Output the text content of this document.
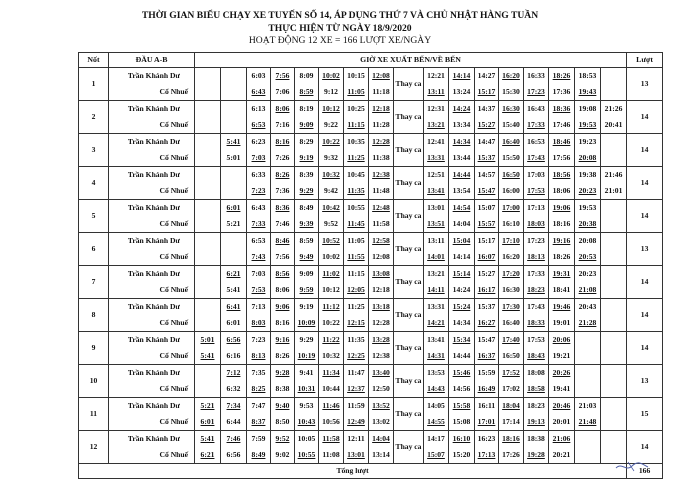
THỜI GIAN BIỂU CHẠY XE TUYẾN SỐ 14, ÁP DỤNG THỨ 7 VÀ CHỦ NHẬT HÀNG TUẦN
THỰC HIỆN TỪ NGÀY 18/9/2020
HOẠT ĐỘNG 12 XE = 166 LƯỢT XE/NGÀY
Nốt	ĐẦU A-B	GIỜ XE XUẤT BẾN/VỀ BẾN																	Lượt
1	Trần Khánh Dư			6:03	7:56	8:09	10:02	10:15	12:08	Thay ca	12:21	14:14	14:27	16:20	16:33	18:26	18:53		13
	Cổ Nhuế			6:43	7:06	8:59	9:12	11:05	11:18		13:11	13:24	15:17	15:30	17:23	17:36	19:43		
2	Trần Khánh Dư			6:13	8:06	8:19	10:12	10:25	12:18	Thay ca	12:31	14:24	14:37	16:30	16:43	18:36	19:08	21:26	14
	Cổ Nhuế			6:53	7:16	9:09	9:22	11:15	11:28		13:21	13:34	15:27	15:40	17:33	17:46	19:53	20:41	
3	Trần Khánh Dư		5:41	6:23	8:16	8:29	10:22	10:35	12:28	Thay ca	12:41	14:34	14:47	16:40	16:53	18:46	19:23		14
	Cổ Nhuế		5:01	7:03	7:26	9:19	9:32	11:25	11:38		13:31	13:44	15:37	15:50	17:43	17:56	20:08		
4	Trần Khánh Dư			6:33	8:26	8:39	10:32	10:45	12:38	Thay ca	12:51	14:44	14:57	16:50	17:03	18:56	19:38	21:46	14
	Cổ Nhuế			7:23	7:36	9:29	9:42	11:35	11:48		13:41	13:54	15:47	16:00	17:53	18:06	20:23	21:01	
5	Trần Khánh Dư		6:01	6:43	8:36	8:49	10:42	10:55	12:48	Thay ca	13:01	14:54	15:07	17:00	17:13	19:06	19:53		14
	Cổ Nhuế		5:21	7:33	7:46	9:39	9:52	11:45	11:58		13:51	14:04	15:57	16:10	18:03	18:16	20:38		
6	Trần Khánh Dư			6:53	8:46	8:59	10:52	11:05	12:58	Thay ca	13:11	15:04	15:17	17:10	17:23	19:16	20:08		13
	Cổ Nhuế			7:43	7:56	9:49	10:02	11:55	12:08		14:01	14:14	16:07	16:20	18:13	18:26	20:53		
7	Trần Khánh Dư		6:21	7:03	8:56	9:09	11:02	11:15	13:08	Thay ca	13:21	15:14	15:27	17:20	17:33	19:31	20:23		14
	Cổ Nhuế		5:41	7:53	8:06	9:59	10:12	12:05	12:18		14:11	14:24	16:17	16:30	18:23	18:41	21:08		
8	Trần Khánh Dư		6:41	7:13	9:06	9:19	11:12	11:25	13:18	Thay ca	13:31	15:24	15:37	17:30	17:43	19:46	20:43		14
	Cổ Nhuế		6:01	8:03	8:16	10:09	10:22	12:15	12:28		14:21	14:34	16:27	16:40	18:33	19:01	21:28		
9	Trần Khánh Dư	5:01	6:56	7:23	9:16	9:29	11:22	11:35	13:28	Thay ca	13:41	15:34	15:47	17:40	17:53	20:06			14
	Cổ Nhuế	5:41	6:16	8:13	8:26	10:19	10:32	12:25	12:38		14:31	14:44	16:37	16:50	18:43	19:21			
10	Trần Khánh Dư		7:12	7:35	9:28	9:41	11:34	11:47	13:40	Thay ca	13:53	15:46	15:59	17:52	18:08	20:26			13
	Cổ Nhuế		6:32	8:25	8:38	10:31	10:44	12:37	12:50		14:43	14:56	16:49	17:02	18:58	19:41			
11	Trần Khánh Dư	5:21	7:34	7:47	9:40	9:53	11:46	11:59	13:52	Thay ca	14:05	15:58	16:11	18:04	18:23	20:46	21:03		15
	Cổ Nhuế	6:01	6:44	8:37	8:50	10:43	10:56	12:49	13:02		14:55	15:08	17:01	17:14	19:13	20:01	21:48		
12	Trần Khánh Dư	5:41	7:46	7:59	9:52	10:05	11:58	12:11	14:04	Thay ca	14:17	16:10	16:23	18:16	18:38	21:06			14
	Cổ Nhuế	6:21	6:56	8:49	9:02	10:55	11:08	13:01	13:14		15:07	15:20	17:13	17:26	19:28	20:21			
Tổng lượt																			166
